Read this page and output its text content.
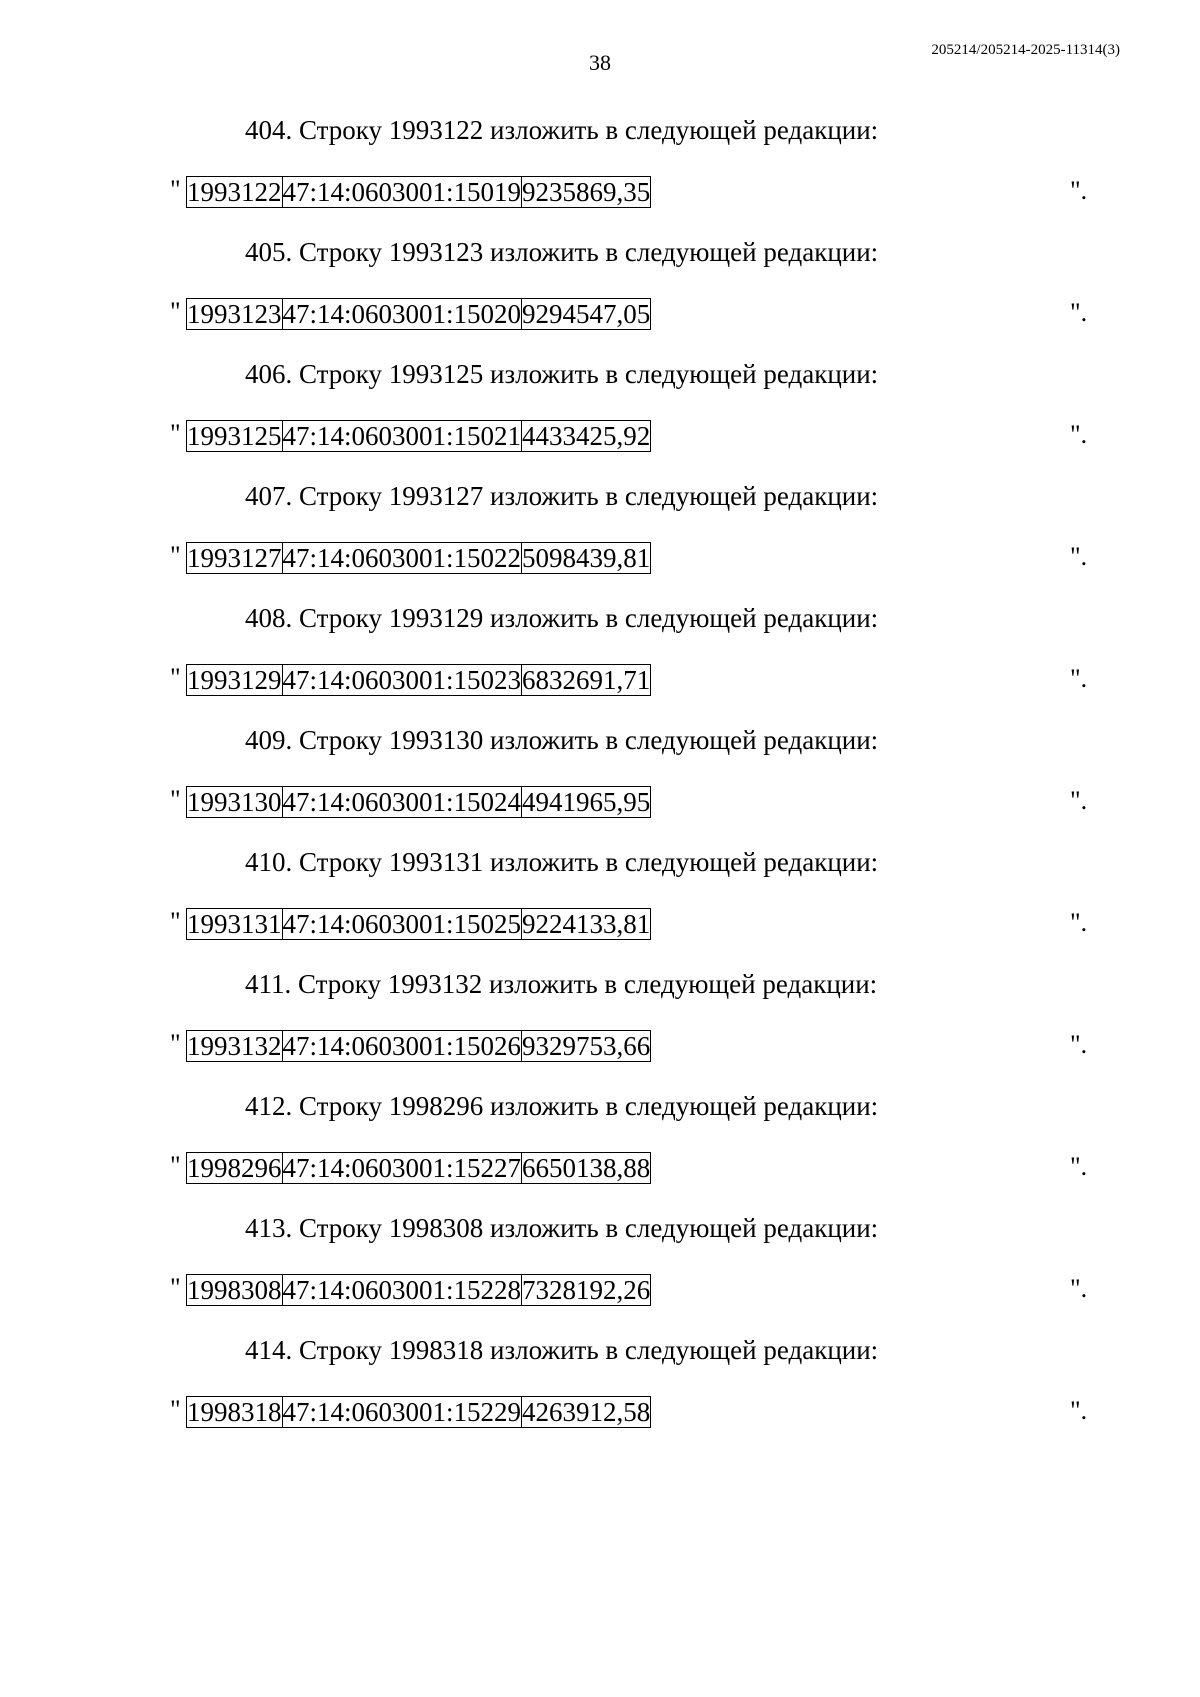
38	205214/205214-2025-11314(3)
404. Строку 1993122 изложить в следующей редакции:
" 1993122	47:14:0603001:15019	9235869,35	".
405. Строку 1993123 изложить в следующей редакции:
" 1993123	47:14:0603001:15020	9294547,05	".
406. Строку 1993125 изложить в следующей редакции:
" 1993125	47:14:0603001:15021	4433425,92	".
407. Строку 1993127 изложить в следующей редакции:
" 1993127	47:14:0603001:15022	5098439,81	".
408. Строку 1993129 изложить в следующей редакции:
" 1993129	47:14:0603001:15023	6832691,71	".
409. Строку 1993130 изложить в следующей редакции:
" 1993130	47:14:0603001:15024	4941965,95	".
410. Строку 1993131 изложить в следующей редакции:
" 1993131	47:14:0603001:15025	9224133,81	".
411. Строку 1993132 изложить в следующей редакции:
" 1993132	47:14:0603001:15026	9329753,66	".
412. Строку 1998296 изложить в следующей редакции:
" 1998296	47:14:0603001:15227	6650138,88	".
413. Строку 1998308 изложить в следующей редакции:
" 1998308	47:14:0603001:15228	7328192,26	".
414. Строку 1998318 изложить в следующей редакции:
" 1998318	47:14:0603001:15229	4263912,58	".
